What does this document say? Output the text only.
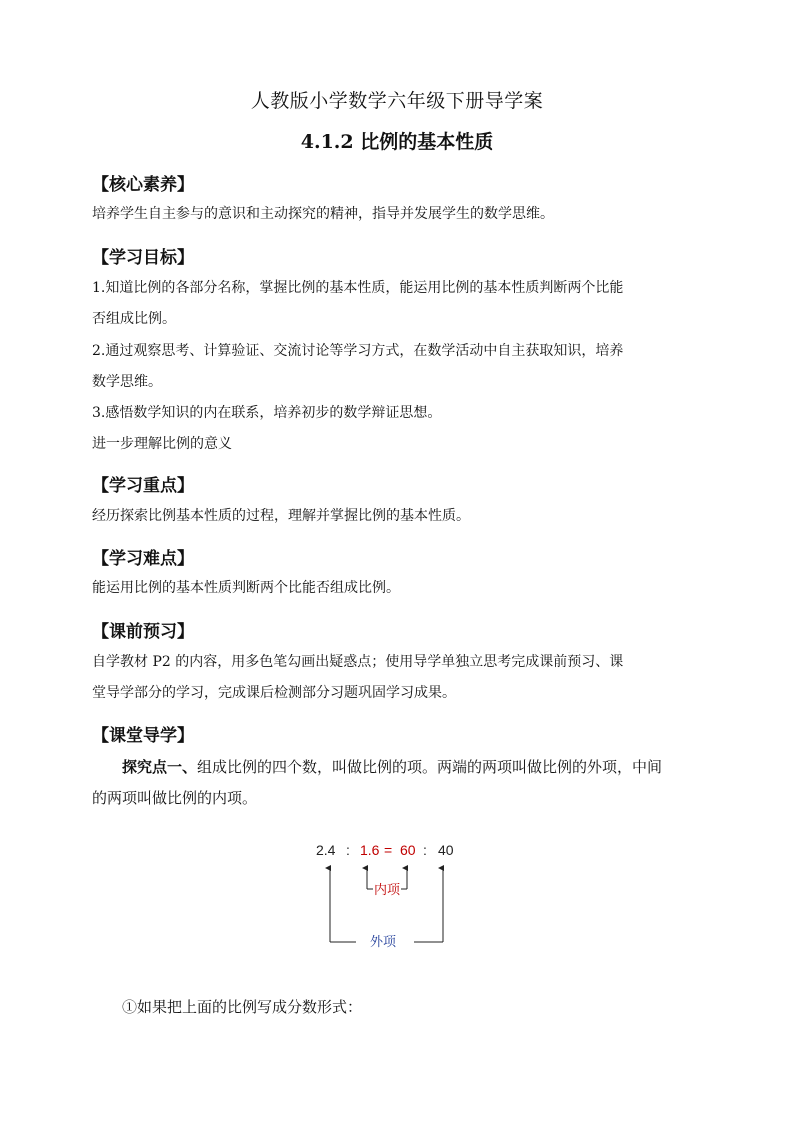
人教版小学数学六年级下册导学案
4.1.2 比例的基本性质
【核心素养】
培养学生自主参与的意识和主动探究的精神，指导并发展学生的数学思维。
【学习目标】
1.知道比例的各部分名称，掌握比例的基本性质，能运用比例的基本性质判断两个比能
否组成比例。
2.通过观察思考、计算验证、交流讨论等学习方式，在数学活动中自主获取知识，培养
数学思维。
3.感悟数学知识的内在联系，培养初步的数学辩证思想。
进一步理解比例的意义
【学习重点】
经历探索比例基本性质的过程，理解并掌握比例的基本性质。
【学习难点】
能运用比例的基本性质判断两个比能否组成比例。
【课前预习】
自学教材 P2 的内容，用多色笔勾画出疑惑点；使用导学单独立思考完成课前预习、课
堂导学部分的学习，完成课后检测部分习题巩固学习成果。
【课堂导学】
探究点一、组成比例的四个数，叫做比例的项。两端的两项叫做比例的外项，中间
的两项叫做比例的内项。
2.4 : 1.6 = 60 : 40
内项
外项
①如果把上面的比例写成分数形式：
